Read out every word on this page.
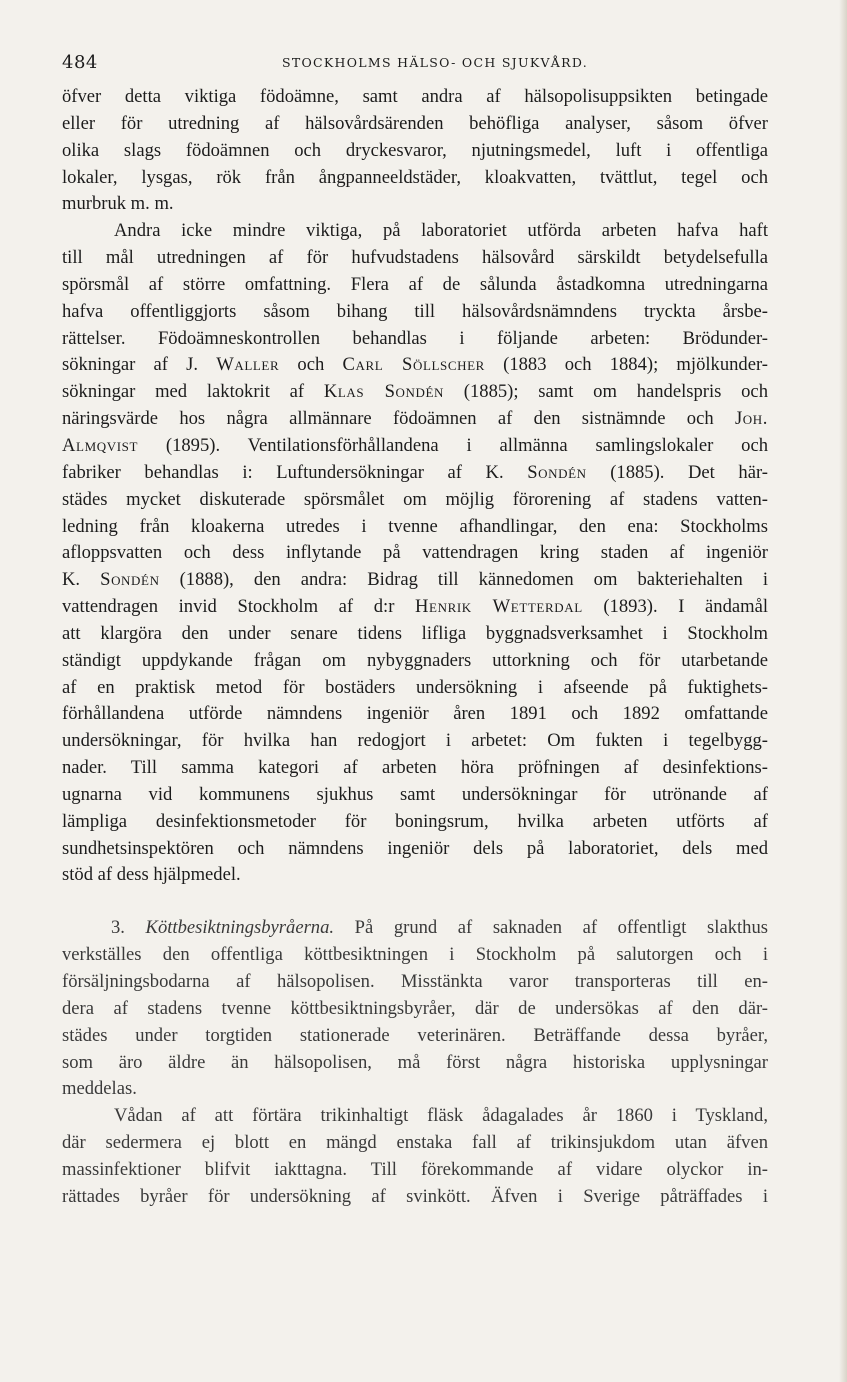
484	STOCKHOLMS HÄLSO- OCH SJUKVÅRD.
öfver detta viktiga födoämne, samt andra af hälsopolisuppsikten betingade
eller för utredning af hälsovårdsärenden behöfliga analyser, såsom öfver
olika slags födoämnen och dryckesvaror, njutningsmedel, luft i offentliga
lokaler, lysgas, rök från ångpanneeldstäder, kloakvatten, tvättlut, tegel och
murbruk m. m.
Andra icke mindre viktiga, på laboratoriet utförda arbeten hafva haft
till mål utredningen af för hufvudstadens hälsovård särskildt betydelsefulla
spörsmål af större omfattning. Flera af de sålunda åstadkomna utredningarna
hafva offentliggjorts såsom bihang till hälsovårdsnämndens tryckta årsbe-
rättelser. Födoämneskontrollen behandlas i följande arbeten: Brödunder-
sökningar af J. Waller och Carl Söllscher (1883 och 1884); mjölkunder-
sökningar med laktokrit af Klas Sondén (1885); samt om handelspris och
näringsvärde hos några allmännare födoämnen af den sistnämnde och Joh.
Almqvist (1895). Ventilationsförhållandena i allmänna samlingslokaler och
fabriker behandlas i: Luftundersökningar af K. Sondén (1885). Det här-
städes mycket diskuterade spörsmålet om möjlig förorening af stadens vatten-
ledning från kloakerna utredes i tvenne afhandlingar, den ena: Stockholms
afloppsvatten och dess inflytande på vattendragen kring staden af ingeniör
K. Sondén (1888), den andra: Bidrag till kännedomen om bakteriehalten i
vattendragen invid Stockholm af d:r Henrik Wetterdal (1893). I ändamål
att klargöra den under senare tidens lifliga byggnadsverksamhet i Stockholm
ständigt uppdykande frågan om nybyggnaders uttorkning och för utarbetande
af en praktisk metod för bostäders undersökning i afseende på fuktighets-
förhållandena utförde nämndens ingeniör åren 1891 och 1892 omfattande
undersökningar, för hvilka han redogjort i arbetet: Om fukten i tegelbygg-
nader. Till samma kategori af arbeten höra pröfningen af desinfektions-
ugnarna vid kommunens sjukhus samt undersökningar för utrönande af
lämpliga desinfektionsmetoder för boningsrum, hvilka arbeten utförts af
sundhetsinspektören och nämndens ingeniör dels på laboratoriet, dels med
stöd af dess hjälpmedel.
3. Köttbesiktningsbyråerna. På grund af saknaden af offentligt slakthus
verkställes den offentliga köttbesiktningen i Stockholm på salutorgen och i
försäljningsbodarna af hälsopolisen. Misstänkta varor transporteras till en-
dera af stadens tvenne köttbesiktningsbyråer, där de undersökas af den där-
städes under torgtiden stationerade veterinären. Beträffande dessa byråer,
som äro äldre än hälsopolisen, må först några historiska upplysningar
meddelas.
Vådan af att förtära trikinhaltigt fläsk ådagalades år 1860 i Tyskland,
där sedermera ej blott en mängd enstaka fall af trikinsjukdom utan äfven
massinfektioner blifvit iakttagna. Till förekommande af vidare olyckor in-
rättades byråer för undersökning af svinkött. Äfven i Sverige påträffades i
